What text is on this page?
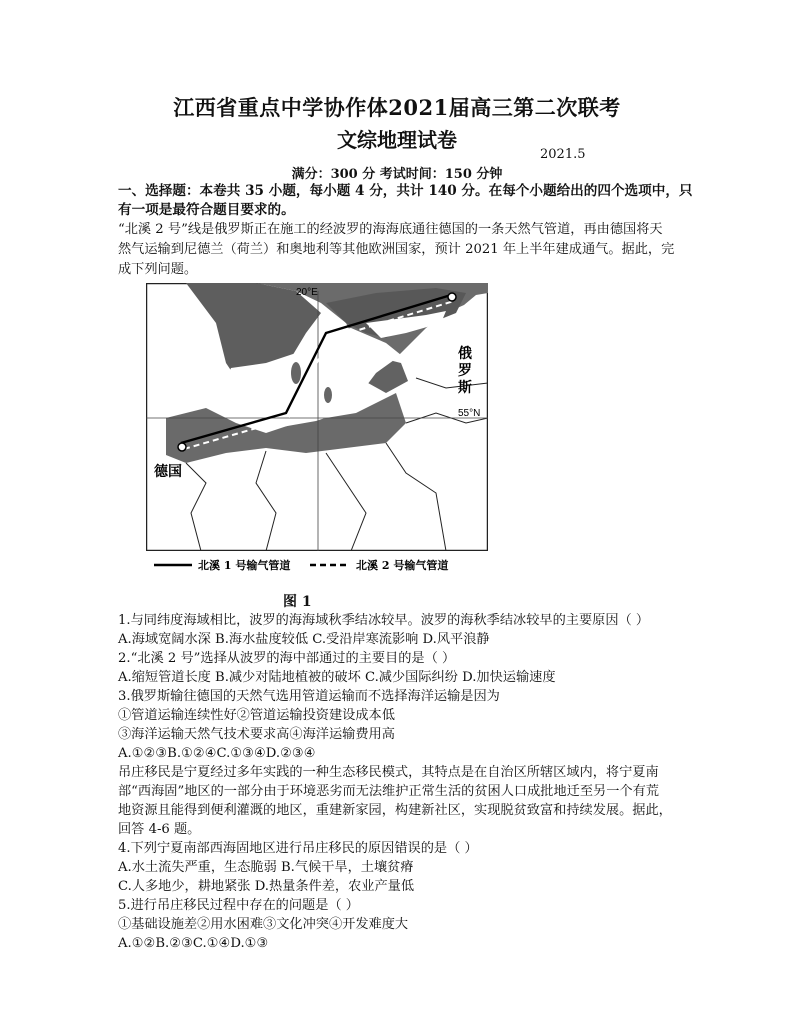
江西省重点中学协作体2021届高三第二次联考
文综地理试卷
2021.5
满分：300 分 考试时间：150 分钟
一、选择题：本卷共 35 小题，每小题 4 分，共计 140 分。在每个小题给出的四个选项中，只
有一项是最符合题目要求的。
“北溪 2 号”线是俄罗斯正在施工的经波罗的海海底通往德国的一条天然气管道，再由德国将天
然气运输到尼德兰（荷兰）和奥地利等其他欧洲国家，预计 2021 年上半年建成通气。据此，完
成下列问题。
20°E
55°N
俄
罗
斯
德国
北溪 1 号输气管道	北溪 2 号输气管道
图 1
1.与同纬度海域相比，波罗的海海域秋季结冰较早。波罗的海秋季结冰较早的主要原因（ ）
A.海域宽阔水深 B.海水盐度较低 C.受沿岸寒流影响 D.风平浪静
2.“北溪 2 号”选择从波罗的海中部通过的主要目的是（ ）
A.缩短管道长度 B.减少对陆地植被的破坏 C.减少国际纠纷 D.加快运输速度
3.俄罗斯输往德国的天然气选用管道运输而不选择海洋运输是因为
①管道运输连续性好②管道运输投资建设成本低
③海洋运输天然气技术要求高④海洋运输费用高
A.①②③B.①②④C.①③④D.②③④
吊庄移民是宁夏经过多年实践的一种生态移民模式，其特点是在自治区所辖区域内，将宁夏南
部“西海固”地区的一部分由于环境恶劣而无法维护正常生活的贫困人口成批地迁至另一个有荒
地资源且能得到便利灌溉的地区，重建新家园，构建新社区，实现脱贫致富和持续发展。据此，
回答 4-6 题。
4.下列宁夏南部西海固地区进行吊庄移民的原因错误的是（ ）
A.水土流失严重，生态脆弱 B.气候干旱，土壤贫瘠
C.人多地少，耕地紧张 D.热量条件差，农业产量低
5.进行吊庄移民过程中存在的问题是（ ）
①基础设施差②用水困难③文化冲突④开发难度大
A.①②B.②③C.①④D.①③
